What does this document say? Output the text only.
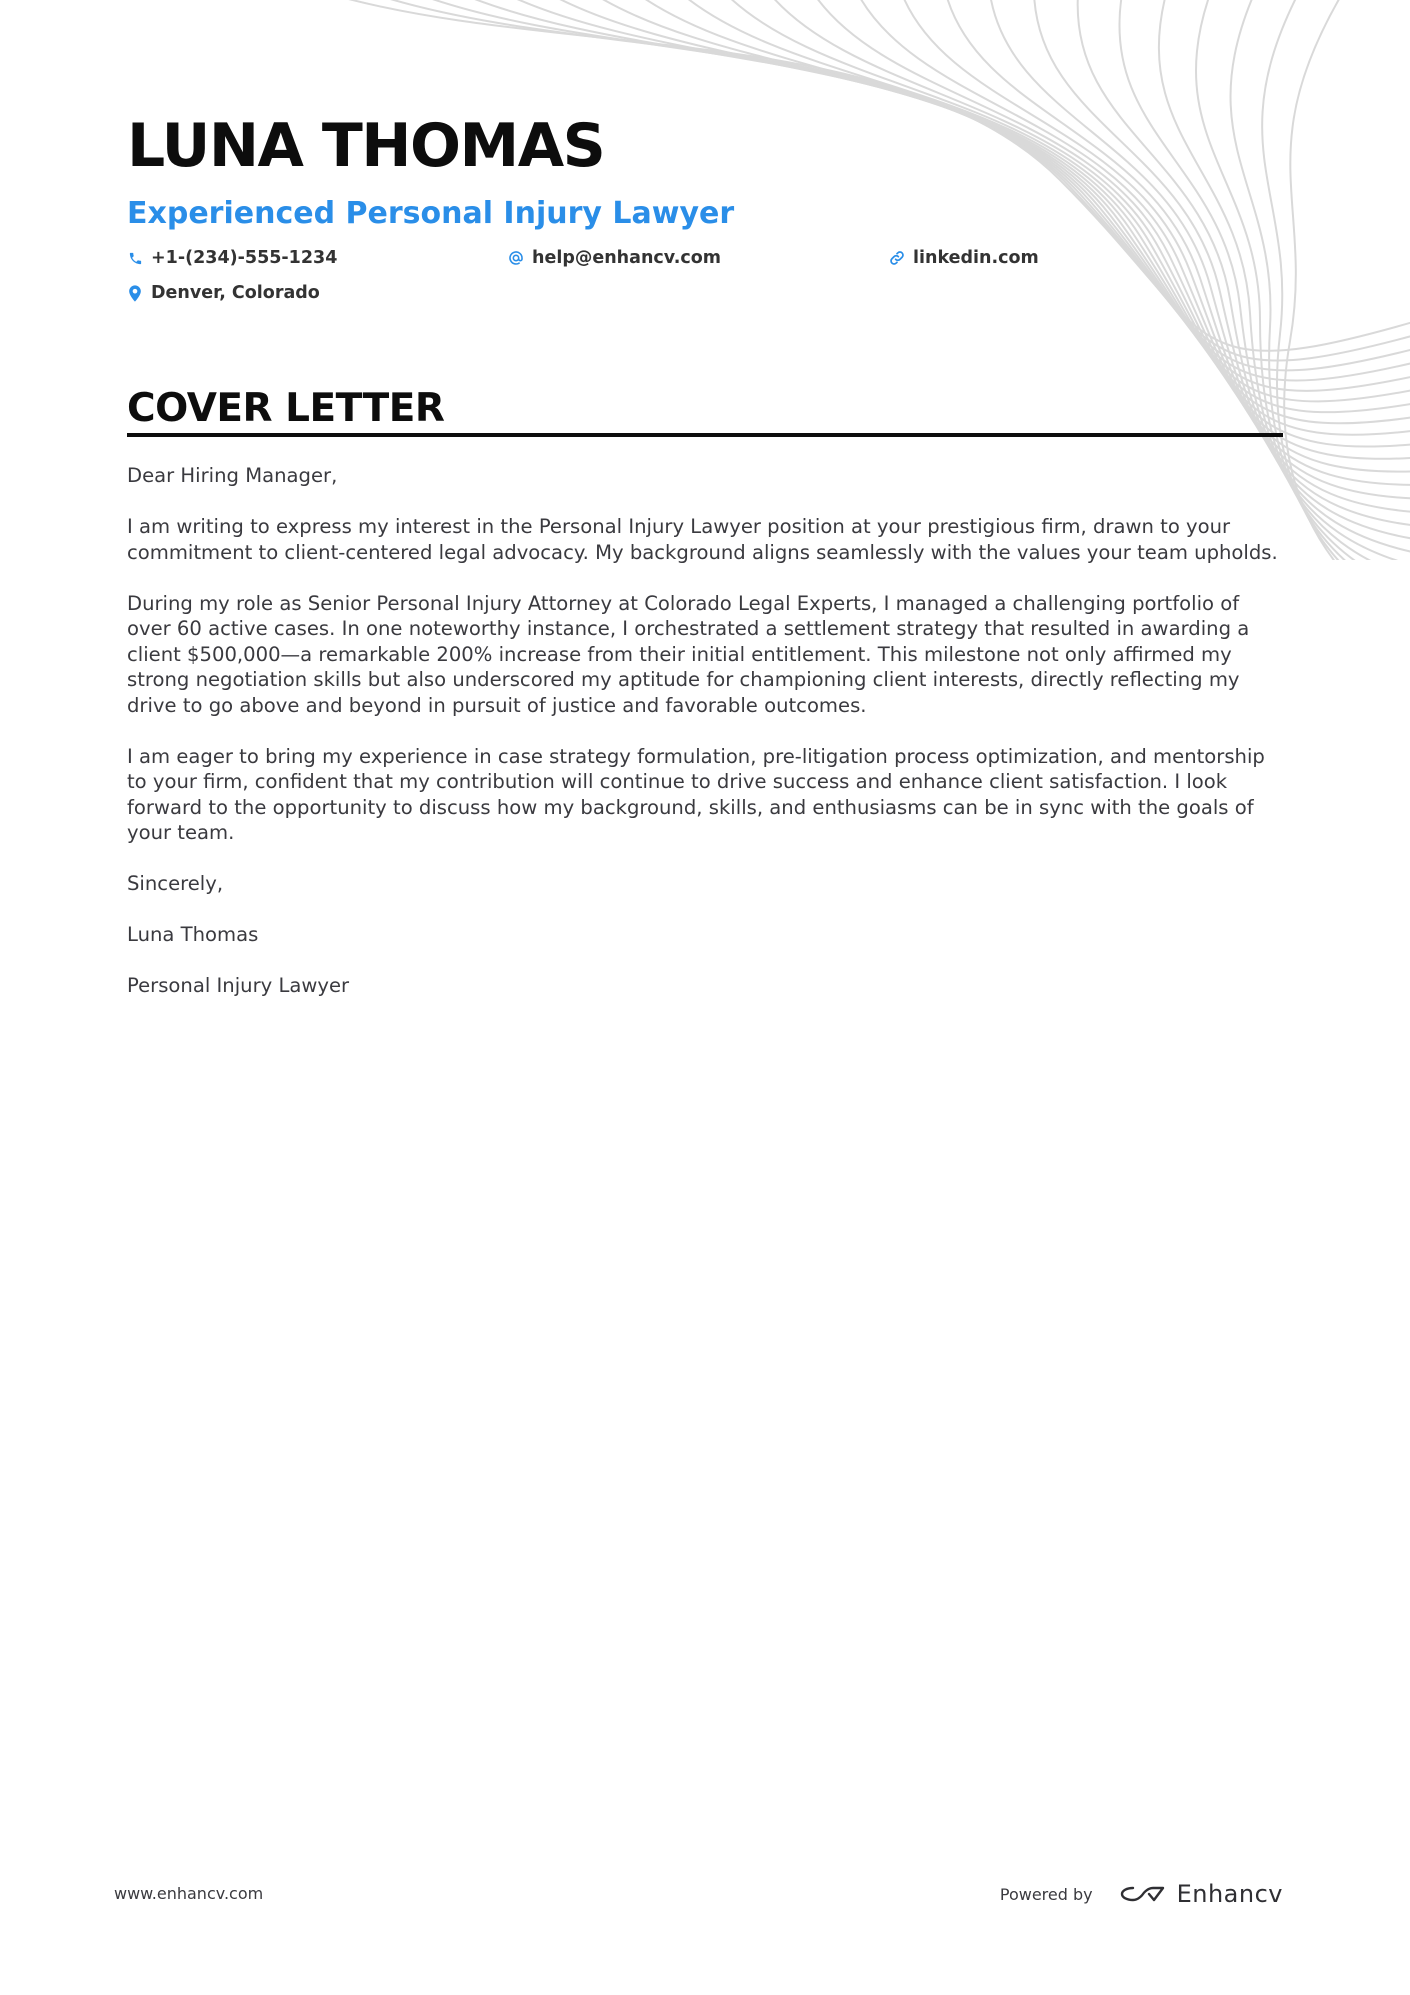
LUNA THOMAS
Experienced Personal Injury Lawyer
+1-(234)-555-1234	help@enhancv.com	linkedin.com
Denver, Colorado
COVER LETTER

Dear Hiring Manager,

I am writing to express my interest in the Personal Injury Lawyer position at your prestigious firm, drawn to your commitment to client-centered legal advocacy. My background aligns seamlessly with the values your team upholds.

During my role as Senior Personal Injury Attorney at Colorado Legal Experts, I managed a challenging portfolio of over 60 active cases. In one noteworthy instance, I orchestrated a settlement strategy that resulted in awarding a client $500,000—a remarkable 200% increase from their initial entitlement. This milestone not only affirmed my strong negotiation skills but also underscored my aptitude for championing client interests, directly reflecting my drive to go above and beyond in pursuit of justice and favorable outcomes.

I am eager to bring my experience in case strategy formulation, pre-litigation process optimization, and mentorship to your firm, confident that my contribution will continue to drive success and enhance client satisfaction. I look forward to the opportunity to discuss how my background, skills, and enthusiasms can be in sync with the goals of your team.

Sincerely,

Luna Thomas

Personal Injury Lawyer

www.enhancv.com	Powered by	Enhancv
